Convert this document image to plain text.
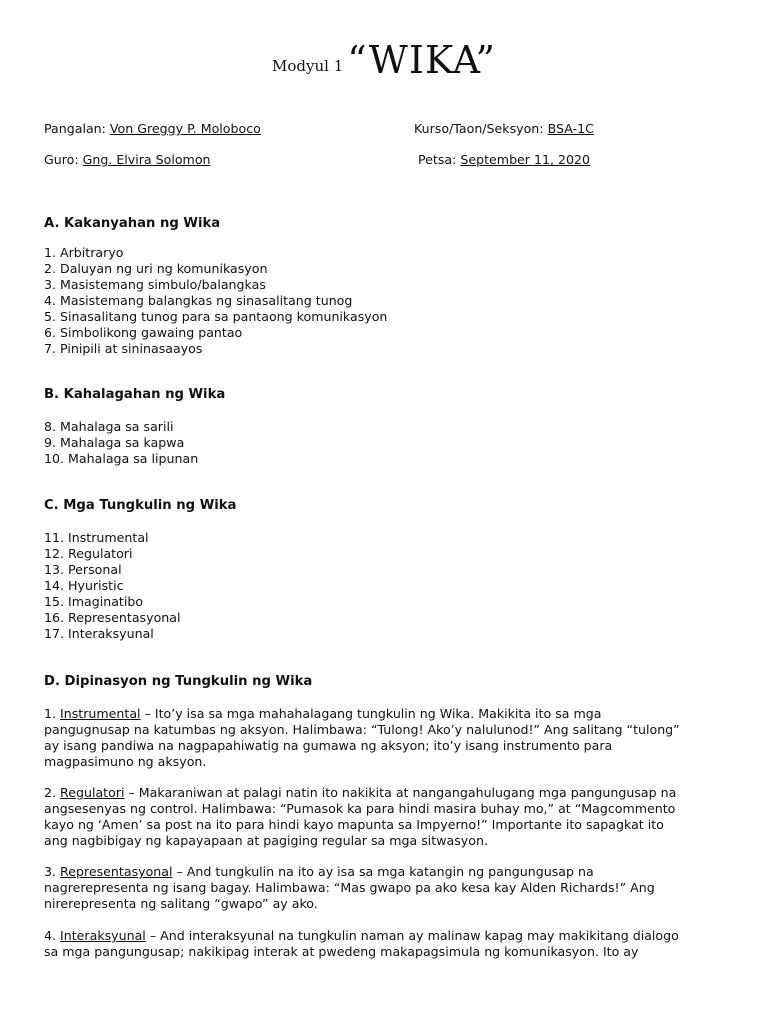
Modyul 1 “WIKA”
Pangalan: Von Greggy P. Moloboco	Kurso/Taon/Seksyon: BSA-1C
Guro: Gng. Elvira Solomon	Petsa: September 11, 2020
A. Kakanyahan ng Wika
1. Arbitraryo
2. Daluyan ng uri ng komunikasyon
3. Masistemang simbulo/balangkas
4. Masistemang balangkas ng sinasalitang tunog
5. Sinasalitang tunog para sa pantaong komunikasyon
6. Simbolikong gawaing pantao
7. Pinipili at sininasaayos
B. Kahalagahan ng Wika
8. Mahalaga sa sarili
9. Mahalaga sa kapwa
10. Mahalaga sa lipunan
C. Mga Tungkulin ng Wika
11. Instrumental
12. Regulatori
13. Personal
14. Hyuristic
15. Imaginatibo
16. Representasyonal
17. Interaksyunal
D. Dipinasyon ng Tungkulin ng Wika
1. Instrumental – Ito’y isa sa mga mahahalagang tungkulin ng Wika. Makikita ito sa mga
pangugnusap na katumbas ng aksyon. Halimbawa: “Tulong! Ako’y nalulunod!” Ang salitang “tulong”
ay isang pandiwa na nagpapahiwatig na gumawa ng aksyon; ito’y isang instrumento para
magpasimuno ng aksyon.
2. Regulatori – Makaraniwan at palagi natin ito nakikita at nangangahulugang mga pangungusap na
angsesenyas ng control. Halimbawa: “Pumasok ka para hindi masira buhay mo,” at “Magcommento
kayo ng ‘Amen’ sa post na ito para hindi kayo mapunta sa Impyerno!” Importante ito sapagkat ito
ang nagbibigay ng kapayapaan at pagiging regular sa mga sitwasyon.
3. Representasyonal – And tungkulin na ito ay isa sa mga katangin ng pangungusap na
nagrerepresenta ng isang bagay. Halimbawa: “Mas gwapo pa ako kesa kay Alden Richards!” Ang
nirerepresenta ng salitang “gwapo” ay ako.
4. Interaksyunal – And interaksyunal na tungkulin naman ay malinaw kapag may makikitang dialogo
sa mga pangungusap; nakikipag interak at pwedeng makapagsimula ng komunikasyon. Ito ay
